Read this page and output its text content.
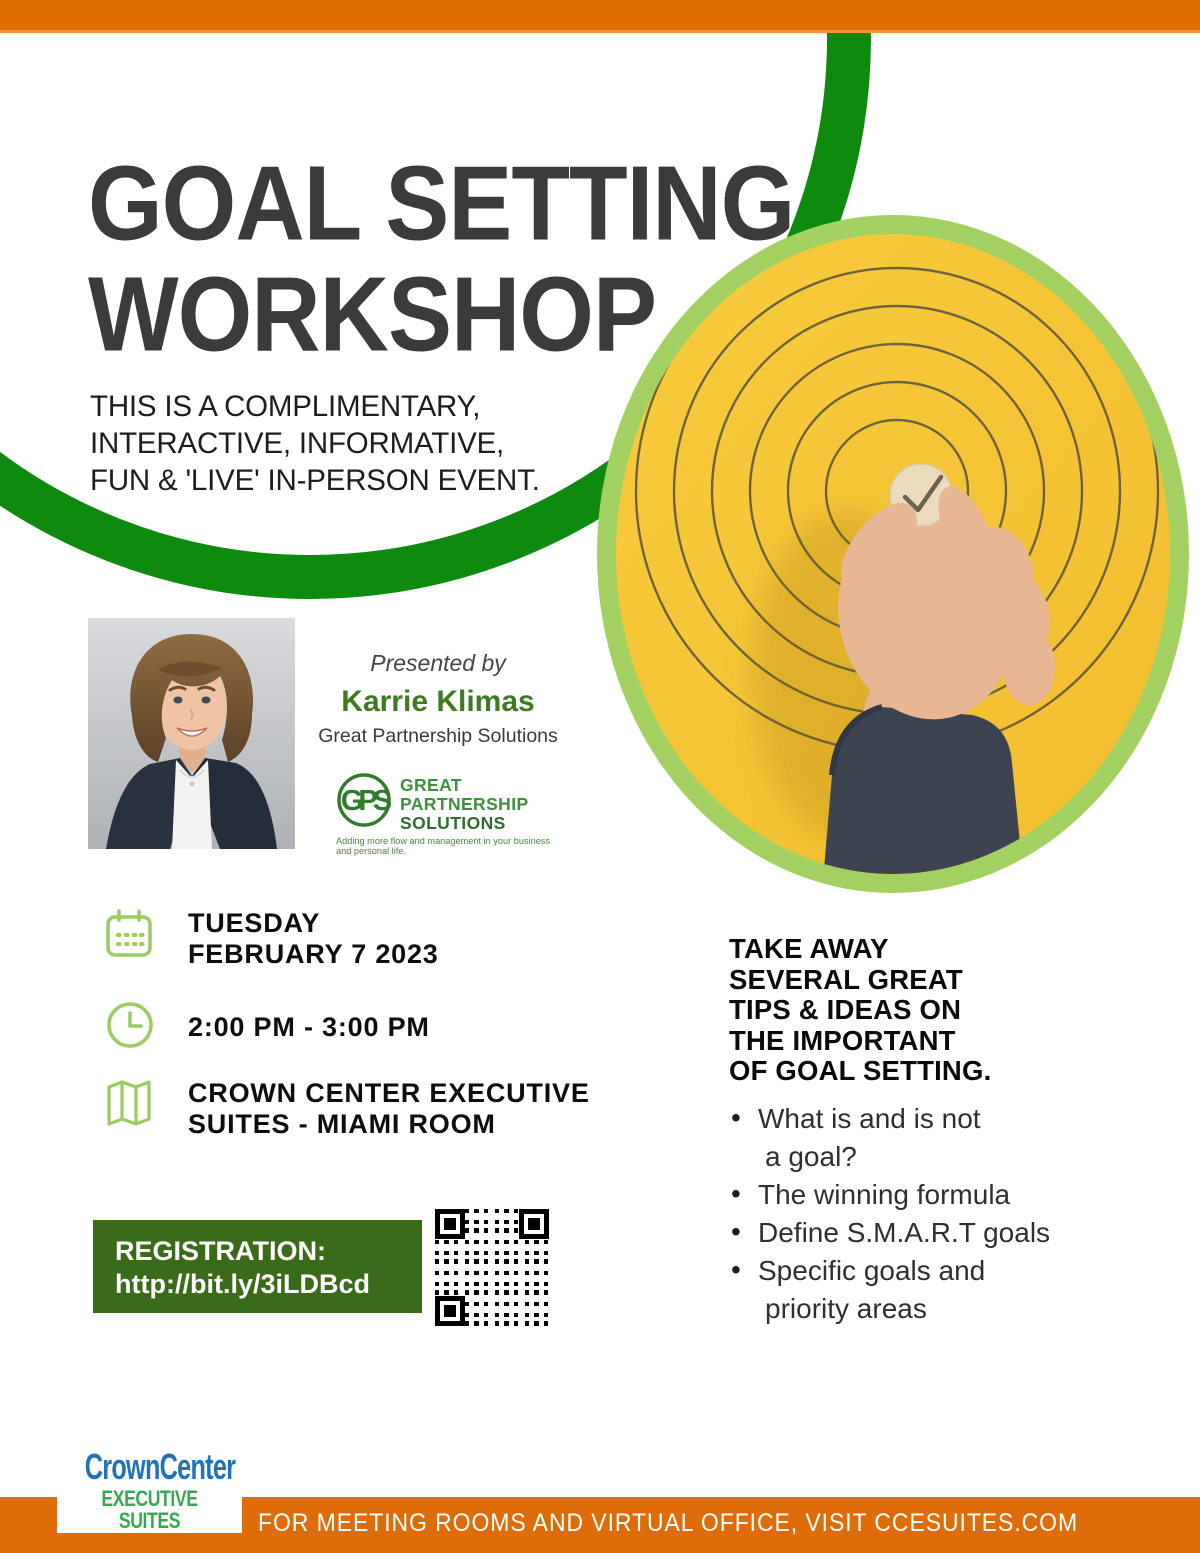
GOAL SETTING
WORKSHOP
THIS IS A COMPLIMENTARY,
INTERACTIVE, INFORMATIVE,
FUN & 'LIVE' IN-PERSON EVENT.
Presented by
Karrie Klimas
Great Partnership Solutions
GPS GREAT
PARTNERSHIP
SOLUTIONS
Adding more flow and management in your business and personal life.
TUESDAY
FEBRUARY 7 2023
2:00 PM - 3:00 PM
CROWN CENTER EXECUTIVE
SUITES - MIAMI ROOM
REGISTRATION:
http://bit.ly/3iLDBcd
TAKE AWAY
SEVERAL GREAT
TIPS & IDEAS ON
THE IMPORTANT
OF GOAL SETTING.
• What is and is not
a goal?
• The winning formula
• Define S.M.A.R.T goals
• Specific goals and
priority areas
CrownCenter
EXECUTIVE SUITES	FOR MEETING ROOMS AND VIRTUAL OFFICE, VISIT CCESUITES.COM
